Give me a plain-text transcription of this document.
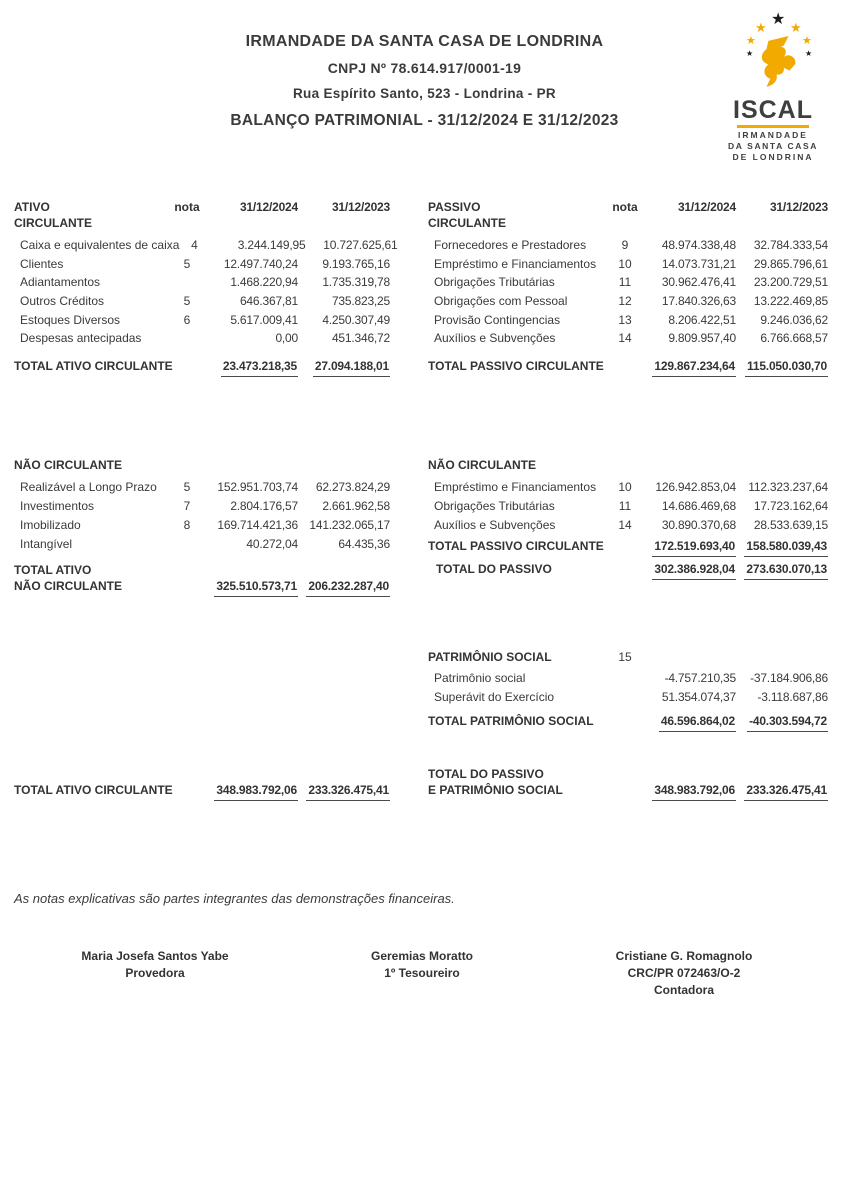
IRMANDADE DA SANTA CASA DE LONDRINA
CNPJ Nº 78.614.917/0001-19
Rua Espírito Santo, 523 - Londrina - PR
BALANÇO PATRIMONIAL - 31/12/2024 E 31/12/2023
★
★ ★
★	★
★	★
ISCAL
IRMANDADE
DA SANTA CASA
DE LONDRINA
ATIVO	nota	31/12/2024	31/12/2023
CIRCULANTE
Caixa e equivalentes de caixa 4	3.244.149,95	10.727.625,61
Clientes	5	12.497.740,24	9.193.765,16
Adiantamentos	1.468.220,94	1.735.319,78
Outros Créditos	5	646.367,81	735.823,25
Estoques Diversos	6	5.617.009,41	4.250.307,49
Despesas antecipadas	0,00	451.346,72
TOTAL ATIVO CIRCULANTE	23.473.218,35	27.094.188,01
PASSIVO	nota	31/12/2024	31/12/2023
CIRCULANTE
Fornecedores e Prestadores	9	48.974.338,48	32.784.333,54
Empréstimo e Financiamentos	10	14.073.731,21	29.865.796,61
Obrigações Tributárias	11	30.962.476,41	23.200.729,51
Obrigações com Pessoal	12	17.840.326,63	13.222.469,85
Provisão Contingencias	13	8.206.422,51	9.246.036,62
Auxílios e Subvenções	14	9.809.957,40	6.766.668,57
TOTAL PASSIVO CIRCULANTE	129.867.234,64	115.050.030,70
NÃO CIRCULANTE
Realizável a Longo Prazo	5	152.951.703,74	62.273.824,29
Investimentos	7	2.804.176,57	2.661.962,58
Imobilizado	8	169.714.421,36 141.232.065,17
Intangível	40.272,04	64.435,36
TOTAL ATIVO
NÃO CIRCULANTE	325.510.573,71 206.232.287,40
NÃO CIRCULANTE
Empréstimo e Financiamentos	10	126.942.853,04	112.323.237,64
Obrigações Tributárias	11	14.686.469,68	17.723.162,64
Auxílios e Subvenções	14	30.890.370,68	28.533.639,15
TOTAL PASSIVO CIRCULANTE	172.519.693,40 158.580.039,43
TOTAL DO PASSIVO	302.386.928,04 273.630.070,13
PATRIMÔNIO SOCIAL	15
Patrimônio social	-4.757.210,35	-37.184.906,86
Superávit do Exercício	51.354.074,37	-3.118.687,86
TOTAL PATRIMÔNIO SOCIAL	46.596.864,02	-40.303.594,72
TOTAL ATIVO CIRCULANTE	348.983.792,06 233.326.475,41
TOTAL DO PASSIVO
E PATRIMÔNIO SOCIAL	348.983.792,06 233.326.475,41
As notas explicativas são partes integrantes das demonstrações financeiras.
Maria Josefa Santos Yabe
Provedora
Geremias Moratto
1º Tesoureiro
Cristiane G. Romagnolo
CRC/PR 072463/O-2
Contadora
